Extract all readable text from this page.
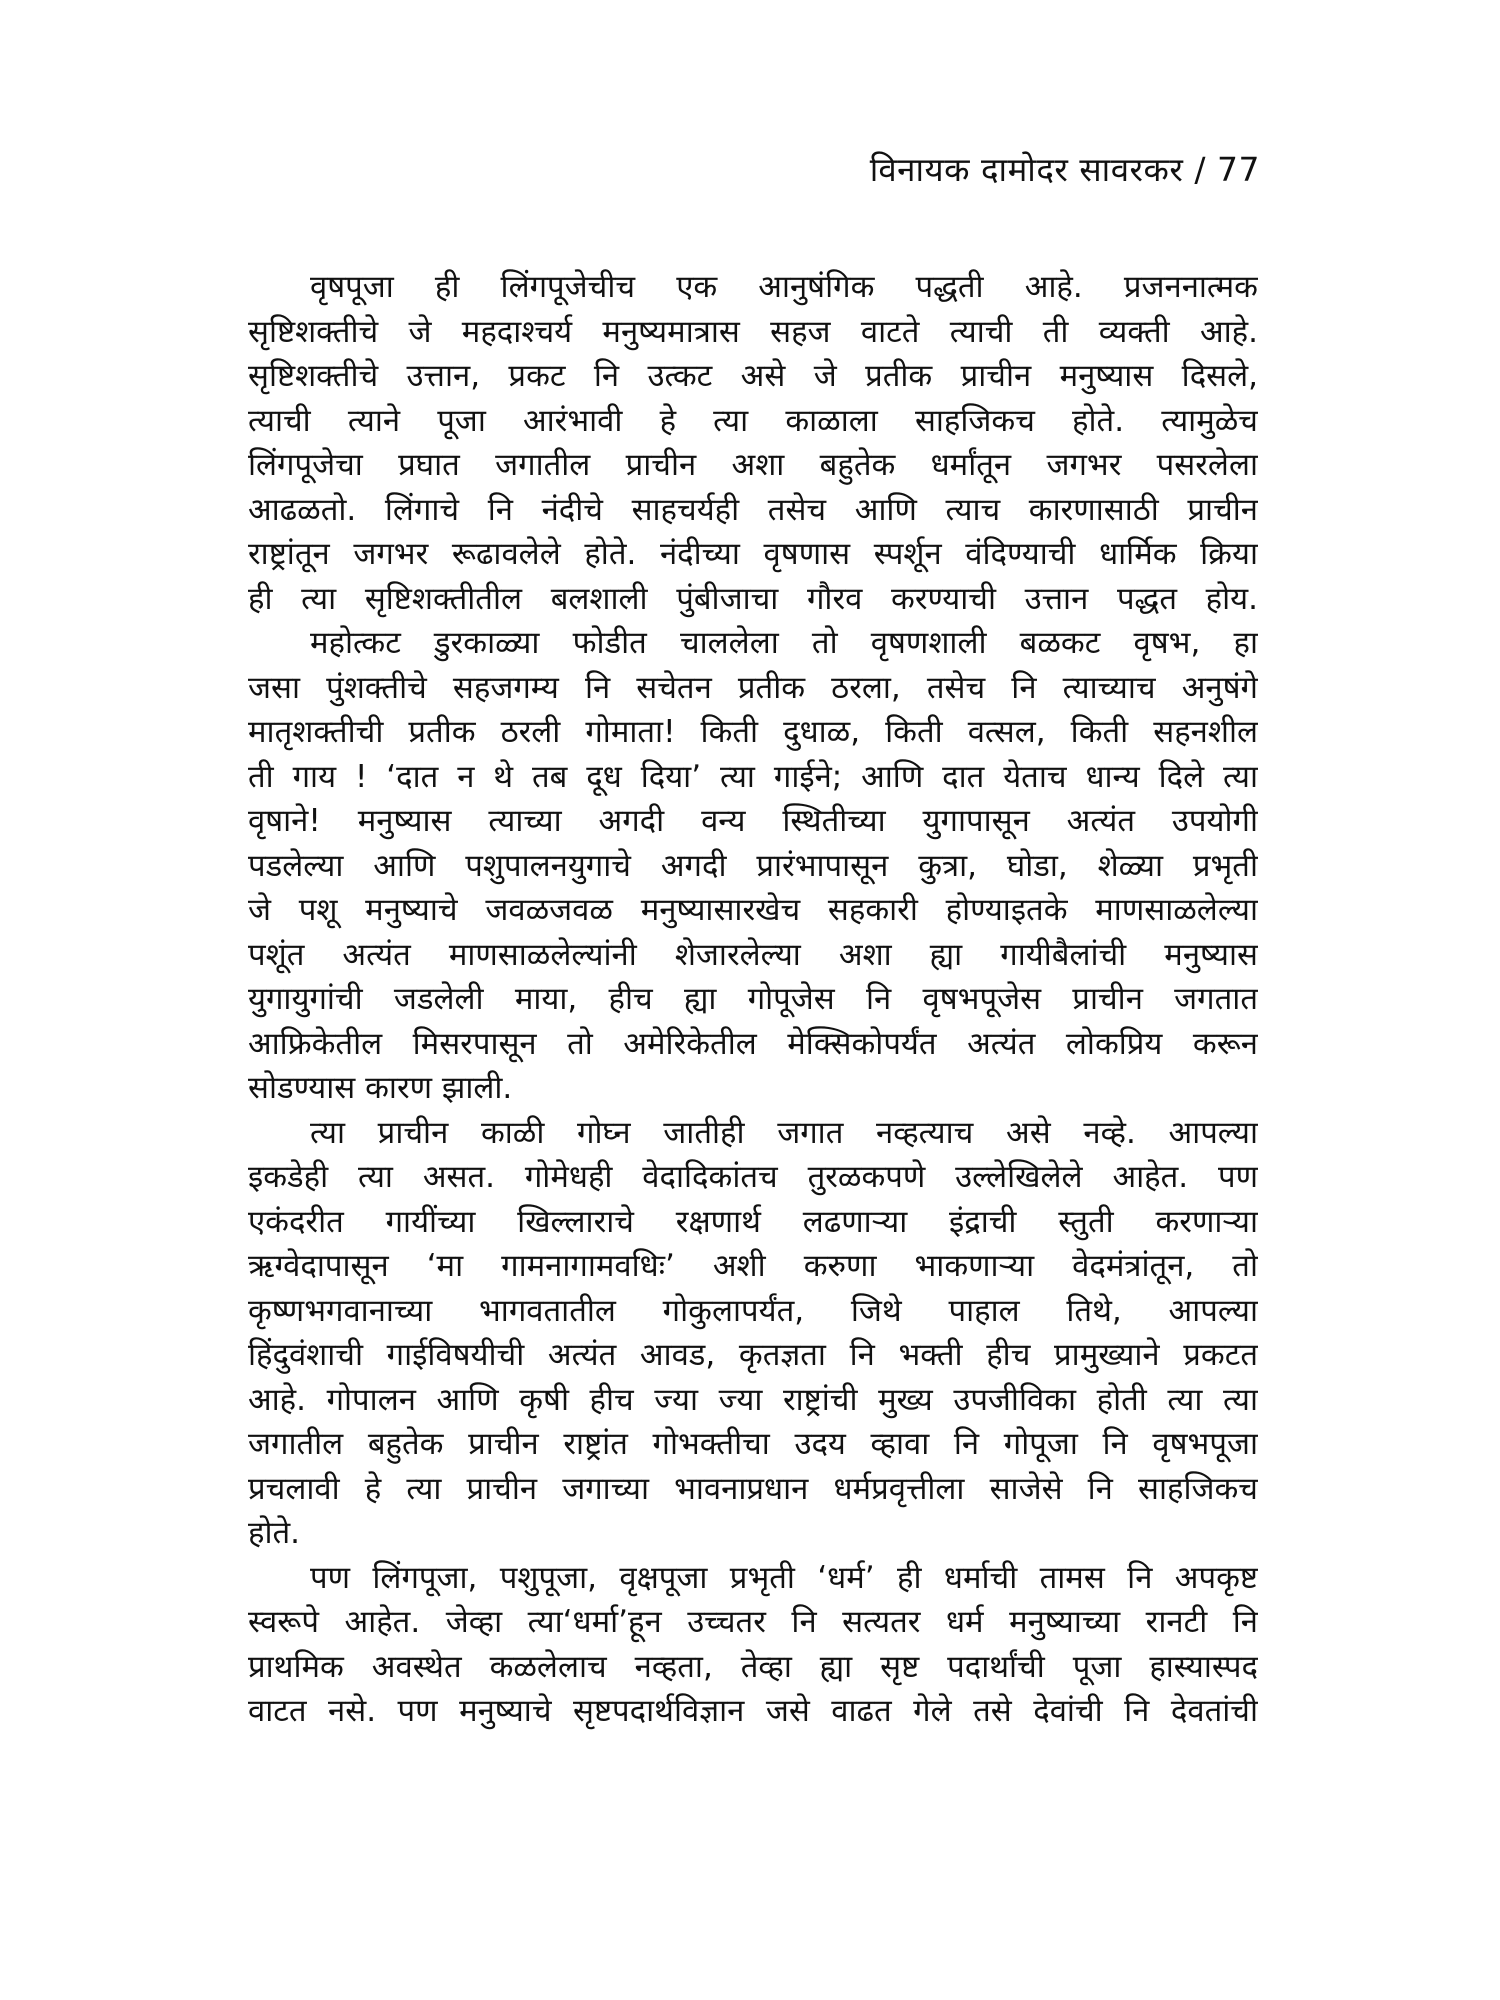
विनायक दामोदर सावरकर / 77
वृषपूजा ही लिंगपूजेचीच एक आनुषंगिक पद्धती आहे. प्रजननात्मक
सृष्टिशक्तीचे जे महदाश्चर्य मनुष्यमात्रास सहज वाटते त्याची ती व्यक्ती आहे.
सृष्टिशक्तीचे उत्तान, प्रकट नि उत्कट असे जे प्रतीक प्राचीन मनुष्यास दिसले,
त्याची त्याने पूजा आरंभावी हे त्या काळाला साहजिकच होते. त्यामुळेच
लिंगपूजेचा प्रघात जगातील प्राचीन अशा बहुतेक धर्मांतून जगभर पसरलेला
आढळतो. लिंगाचे नि नंदीचे साहचर्यही तसेच आणि त्याच कारणासाठी प्राचीन
राष्ट्रांतून जगभर रूढावलेले होते. नंदीच्या वृषणास स्पर्शून वंदिण्याची धार्मिक क्रिया
ही त्या सृष्टिशक्तीतील बलशाली पुंबीजाचा गौरव करण्याची उत्तान पद्धत होय.
महोत्कट डुरकाळ्या फोडीत चाललेला तो वृषणशाली बळकट वृषभ, हा
जसा पुंशक्तीचे सहजगम्य नि सचेतन प्रतीक ठरला, तसेच नि त्याच्याच अनुषंगे
मातृशक्तीची प्रतीक ठरली गोमाता! किती दुधाळ, किती वत्सल, किती सहनशील
ती गाय ! ‘दात न थे तब दूध दिया’ त्या गाईने; आणि दात येताच धान्य दिले त्या
वृषाने! मनुष्यास त्याच्या अगदी वन्य स्थितीच्या युगापासून अत्यंत उपयोगी
पडलेल्या आणि पशुपालनयुगाचे अगदी प्रारंभापासून कुत्रा, घोडा, शेळ्या प्रभृती
जे पशू मनुष्याचे जवळजवळ मनुष्यासारखेच सहकारी होण्याइतके माणसाळलेल्या
पशूंत अत्यंत माणसाळलेल्यांनी शेजारलेल्या अशा ह्या गायीबैलांची मनुष्यास
युगायुगांची जडलेली माया, हीच ह्या गोपूजेस नि वृषभपूजेस प्राचीन जगतात
आफ्रिकेतील मिसरपासून तो अमेरिकेतील मेक्सिकोपर्यंत अत्यंत लोकप्रिय करून
सोडण्यास कारण झाली.
त्या प्राचीन काळी गोघ्न जातीही जगात नव्हत्याच असे नव्हे. आपल्या
इकडेही त्या असत. गोमेधही वेदादिकांतच तुरळकपणे उल्लेखिलेले आहेत. पण
एकंदरीत गायींच्या खिल्लाराचे रक्षणार्थ लढणाऱ्या इंद्राची स्तुती करणाऱ्या
ऋग्वेदापासून ‘मा गामनागामवधिः’ अशी करुणा भाकणाऱ्या वेदमंत्रांतून, तो
कृष्णभगवानाच्या भागवतातील गोकुलापर्यंत, जिथे पाहाल तिथे, आपल्या
हिंदुवंशाची गाईविषयीची अत्यंत आवड, कृतज्ञता नि भक्ती हीच प्रामुख्याने प्रकटत
आहे. गोपालन आणि कृषी हीच ज्या ज्या राष्ट्रांची मुख्य उपजीविका होती त्या त्या
जगातील बहुतेक प्राचीन राष्ट्रांत गोभक्तीचा उदय व्हावा नि गोपूजा नि वृषभपूजा
प्रचलावी हे त्या प्राचीन जगाच्या भावनाप्रधान धर्मप्रवृत्तीला साजेसे नि साहजिकच
होते.
पण लिंगपूजा, पशुपूजा, वृक्षपूजा प्रभृती ‘धर्म’ ही धर्माची तामस नि अपकृष्ट
स्वरूपे आहेत. जेव्हा त्या‘धर्मा’हून उच्चतर नि सत्यतर धर्म मनुष्याच्या रानटी नि
प्राथमिक अवस्थेत कळलेलाच नव्हता, तेव्हा ह्या सृष्ट पदार्थांची पूजा हास्यास्पद
वाटत नसे. पण मनुष्याचे सृष्टपदार्थविज्ञान जसे वाढत गेले तसे देवांची नि देवतांची
